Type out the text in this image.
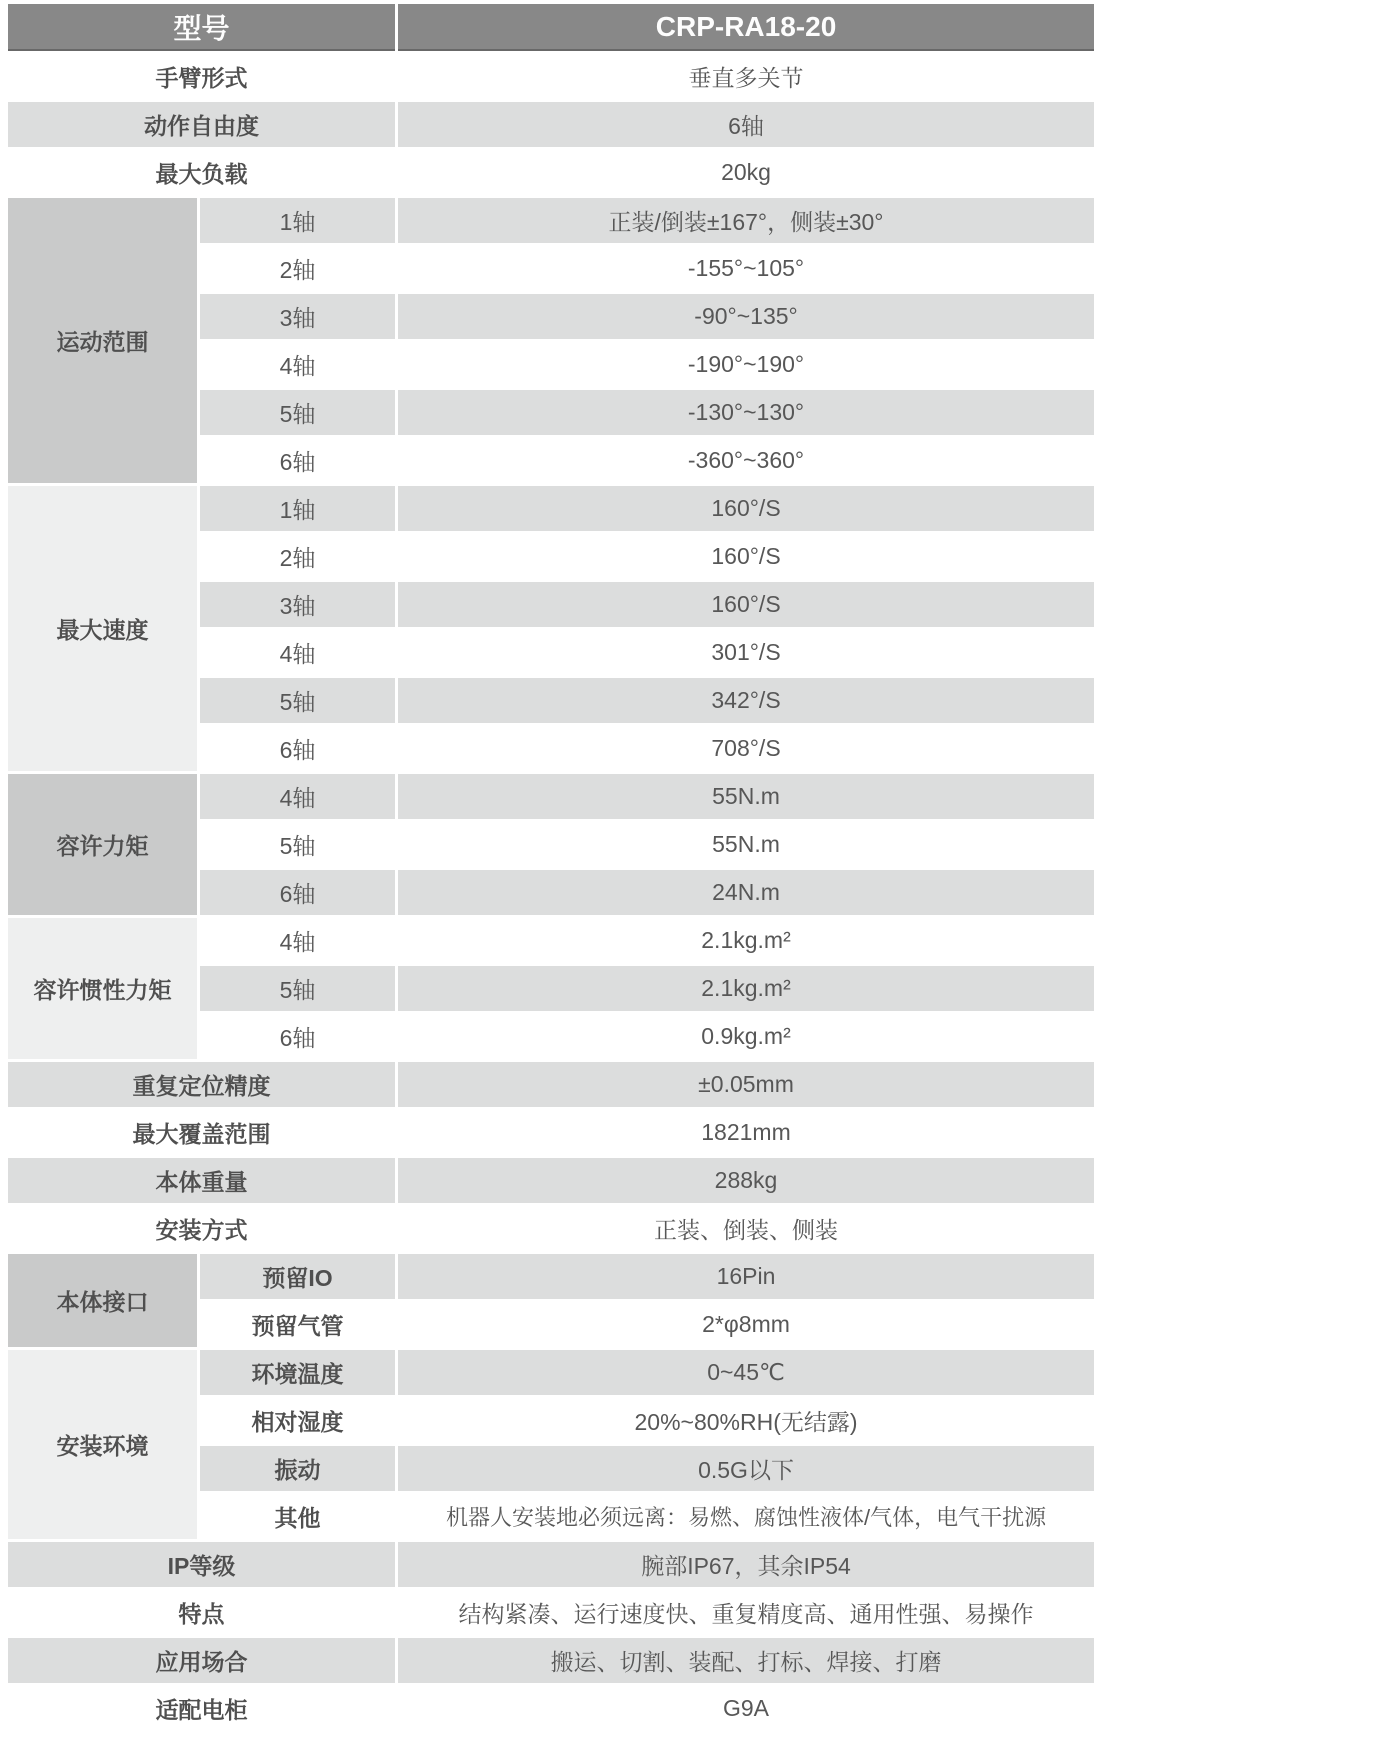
型号		CRP-RA18-20
手臂形式		垂直多关节
动作自由度		6轴
最大负载		20kg
运动范围	1轴	正装/倒装±167°，侧装±30°
	2轴	-155°~105°
	3轴	-90°~135°
	4轴	-190°~190°
	5轴	-130°~130°
	6轴	-360°~360°
最大速度	1轴	160°/S
	2轴	160°/S
	3轴	160°/S
	4轴	301°/S
	5轴	342°/S
	6轴	708°/S
容许力矩	4轴	55N.m
	5轴	55N.m
	6轴	24N.m
容许惯性力矩	4轴	2.1kg.m²
	5轴	2.1kg.m²
	6轴	0.9kg.m²
重复定位精度		±0.05mm
最大覆盖范围		1821mm
本体重量		288kg
安装方式		正装、倒装、侧装
本体接口	预留IO	16Pin
	预留气管	2*φ8mm
安装环境	环境温度	0~45℃
	相对湿度	20%~80%RH(无结露)
	振动	0.5G以下
	其他	机器人安装地必须远离：易燃、腐蚀性液体/气体，电气干扰源
IP等级		腕部IP67，其余IP54
特点		结构紧凑、运行速度快、重复精度高、通用性强、易操作
应用场合		搬运、切割、装配、打标、焊接、打磨
适配电柜		G9A
